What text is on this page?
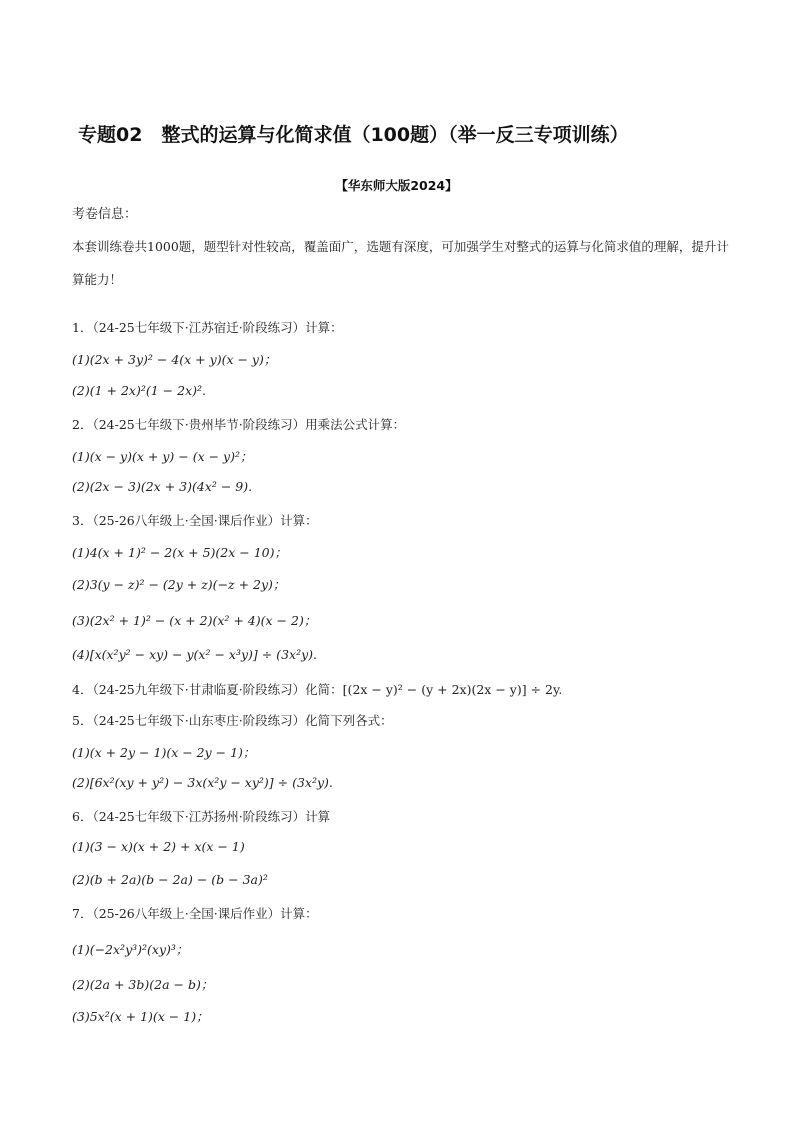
专题02　整式的运算与化简求值（100题）（举一反三专项训练）
【华东师大版2024】
考卷信息：
本套训练卷共1000题，题型针对性较高，覆盖面广，选题有深度，可加强学生对整式的运算与化简求值的理解，提升计算能力！
1．（24-25七年级下·江苏宿迁·阶段练习）计算：
(1)(2x + 3y)² − 4(x + y)(x − y)；
(2)(1 + 2x)²(1 − 2x)².
2．（24-25七年级下·贵州毕节·阶段练习）用乘法公式计算：
(1)(x − y)(x + y) − (x − y)²；
(2)(2x − 3)(2x + 3)(4x² − 9).
3．（25-26八年级上·全国·课后作业）计算：
(1)4(x + 1)² − 2(x + 5)(2x − 10)；
(2)3(y − z)² − (2y + z)(−z + 2y)；
(3)(2x² + 1)² − (x + 2)(x² + 4)(x − 2)；
(4)[x(x²y² − xy) − y(x² − x³y)] ÷ (3x²y).
4．（24-25九年级下·甘肃临夏·阶段练习）化简：[(2x − y)² − (y + 2x)(2x − y)] ÷ 2y.
5．（24-25七年级下·山东枣庄·阶段练习）化简下列各式：
(1)(x + 2y − 1)(x − 2y − 1)；
(2)[6x²(xy + y²) − 3x(x²y − xy²)] ÷ (3x²y).
6．（24-25七年级下·江苏扬州·阶段练习）计算
(1)(3 − x)(x + 2) + x(x − 1)
(2)(b + 2a)(b − 2a) − (b − 3a)²
7．（25-26八年级上·全国·课后作业）计算：
(1)(−2x²y³)²(xy)³；
(2)(2a + 3b)(2a − b)；
(3)5x²(x + 1)(x − 1)；
